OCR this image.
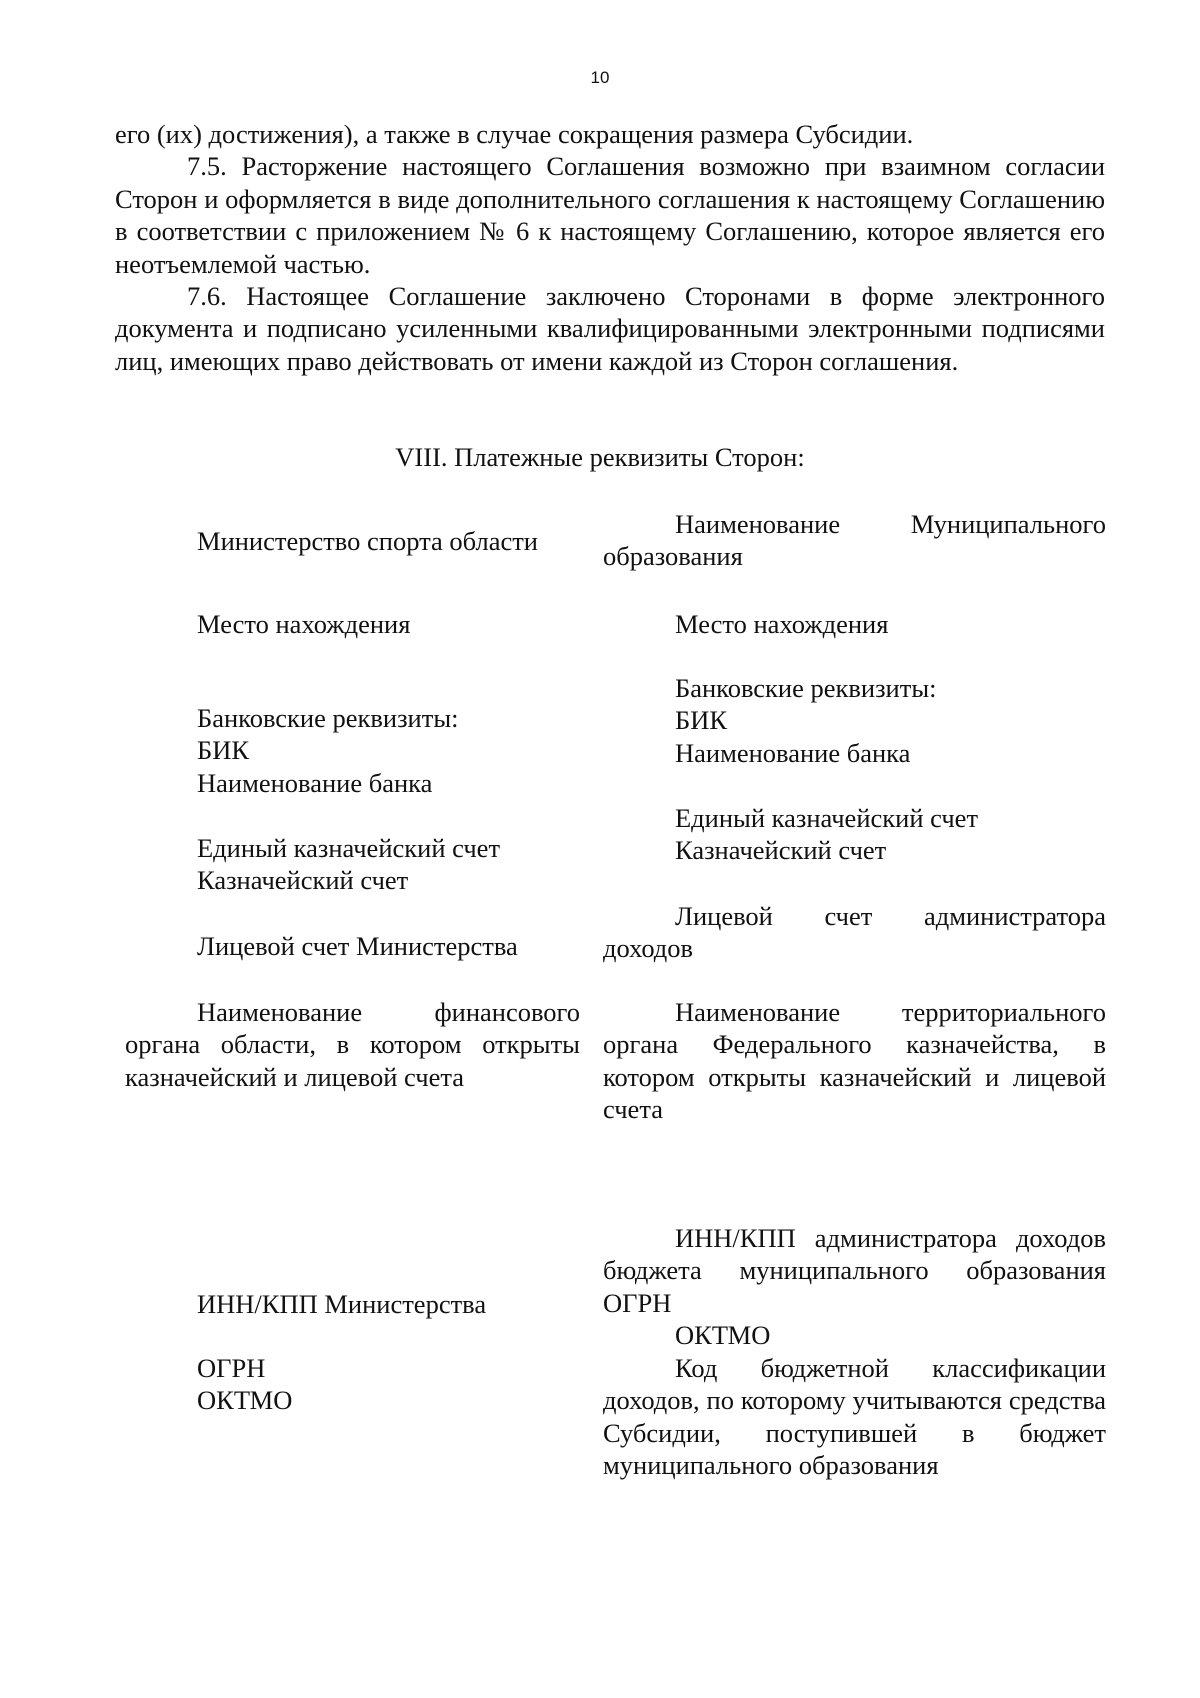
10

его (их) достижения), а также в случае сокращения размера Субсидии.

7.5. Расторжение настоящего Соглашения возможно при взаимном согласии Сторон и оформляется в виде дополнительного соглашения к настоящему Соглашению в соответствии с приложением № 6 к настоящему Соглашению, которое является его неотъемлемой частью.

7.6. Настоящее Соглашение заключено Сторонами в форме электронного документа и подписано усиленными квалифицированными электронными подписями лиц, имеющих право действовать от имени каждой из Сторон соглашения.

VIII. Платежные реквизиты Сторон:
Министерство спорта области
Место нахождения

Банковские реквизиты:

БИК

Наименование банка

Единый казначейский счет

Казначейский счет

Лицевой счет Министерства
Наименование финансового органа области, в котором открыты казначейский и лицевой счета
ИНН/КПП Министерства

ОГРН

ОКТМО

Наименование Муниципального образования
Место нахождения

Банковские реквизиты:

БИК

Наименование банка

Единый казначейский счет

Казначейский счет

Лицевой счет администратора доходов
Наименование территориального органа Федерального казначейства, в котором открыты казначейский и лицевой счета
ИНН/КПП администратора доходов бюджета муниципального образования ОГРН
ОКТМО
Код бюджетной классификации доходов, по которому учитываются средства Субсидии, поступившей в бюджет муниципального образования
